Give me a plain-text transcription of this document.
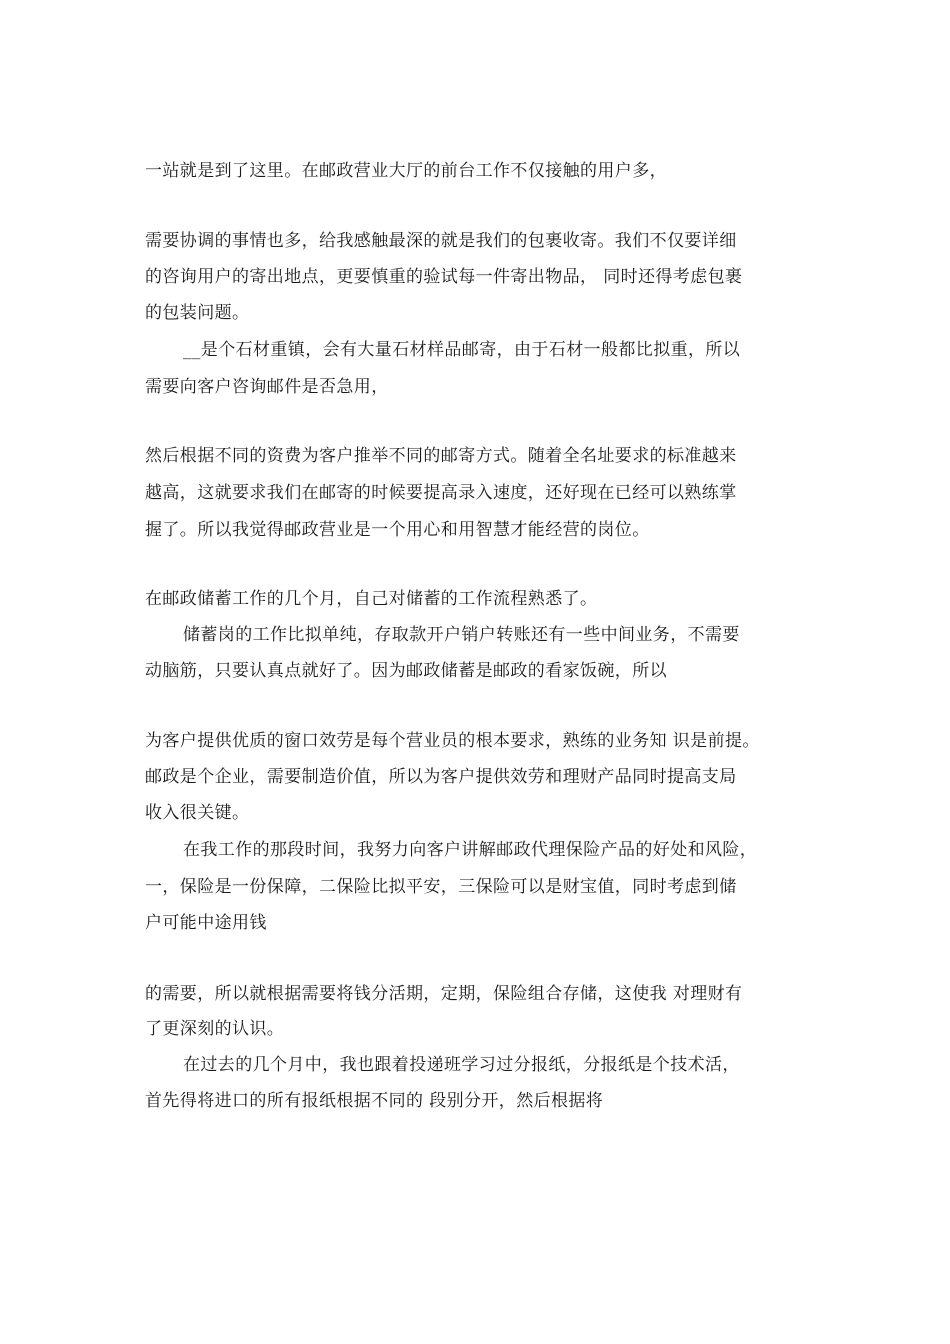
一站就是到了这里。在邮政营业大厅的前台工作不仅接触的用户多，
需要协调的事情也多，给我感触最深的就是我们的包裹收寄。我们不仅要详细
的咨询用户的寄出地点，更要慎重的验试每一件寄出物品， 同时还得考虑包裹
的包装问题。
__是个石材重镇，会有大量石材样品邮寄，由于石材一般都比拟重，所以
需要向客户咨询邮件是否急用，
然后根据不同的资费为客户推举不同的邮寄方式。随着全名址要求的标准越来
越高，这就要求我们在邮寄的时候要提高录入速度，还好现在已经可以熟练掌
握了。所以我觉得邮政营业是一个用心和用智慧才能经营的岗位。
在邮政储蓄工作的几个月，自己对储蓄的工作流程熟悉了。
储蓄岗的工作比拟单纯，存取款开户销户转账还有一些中间业务，不需要
动脑筋，只要认真点就好了。因为邮政储蓄是邮政的看家饭碗，所以
为客户提供优质的窗口效劳是每个营业员的根本要求，熟练的业务知 识是前提。
邮政是个企业，需要制造价值，所以为客户提供效劳和理财产品同时提高支局
收入很关键。
在我工作的那段时间，我努力向客户讲解邮政代理保险产品的好处和风险，
一，保险是一份保障，二保险比拟平安，三保险可以是财宝值，同时考虑到储
户可能中途用钱
的需要，所以就根据需要将钱分活期，定期，保险组合存储，这使我 对理财有
了更深刻的认识。
在过去的几个月中，我也跟着投递班学习过分报纸，分报纸是个技术活，
首先得将进口的所有报纸根据不同的 段别分开，然后根据将
